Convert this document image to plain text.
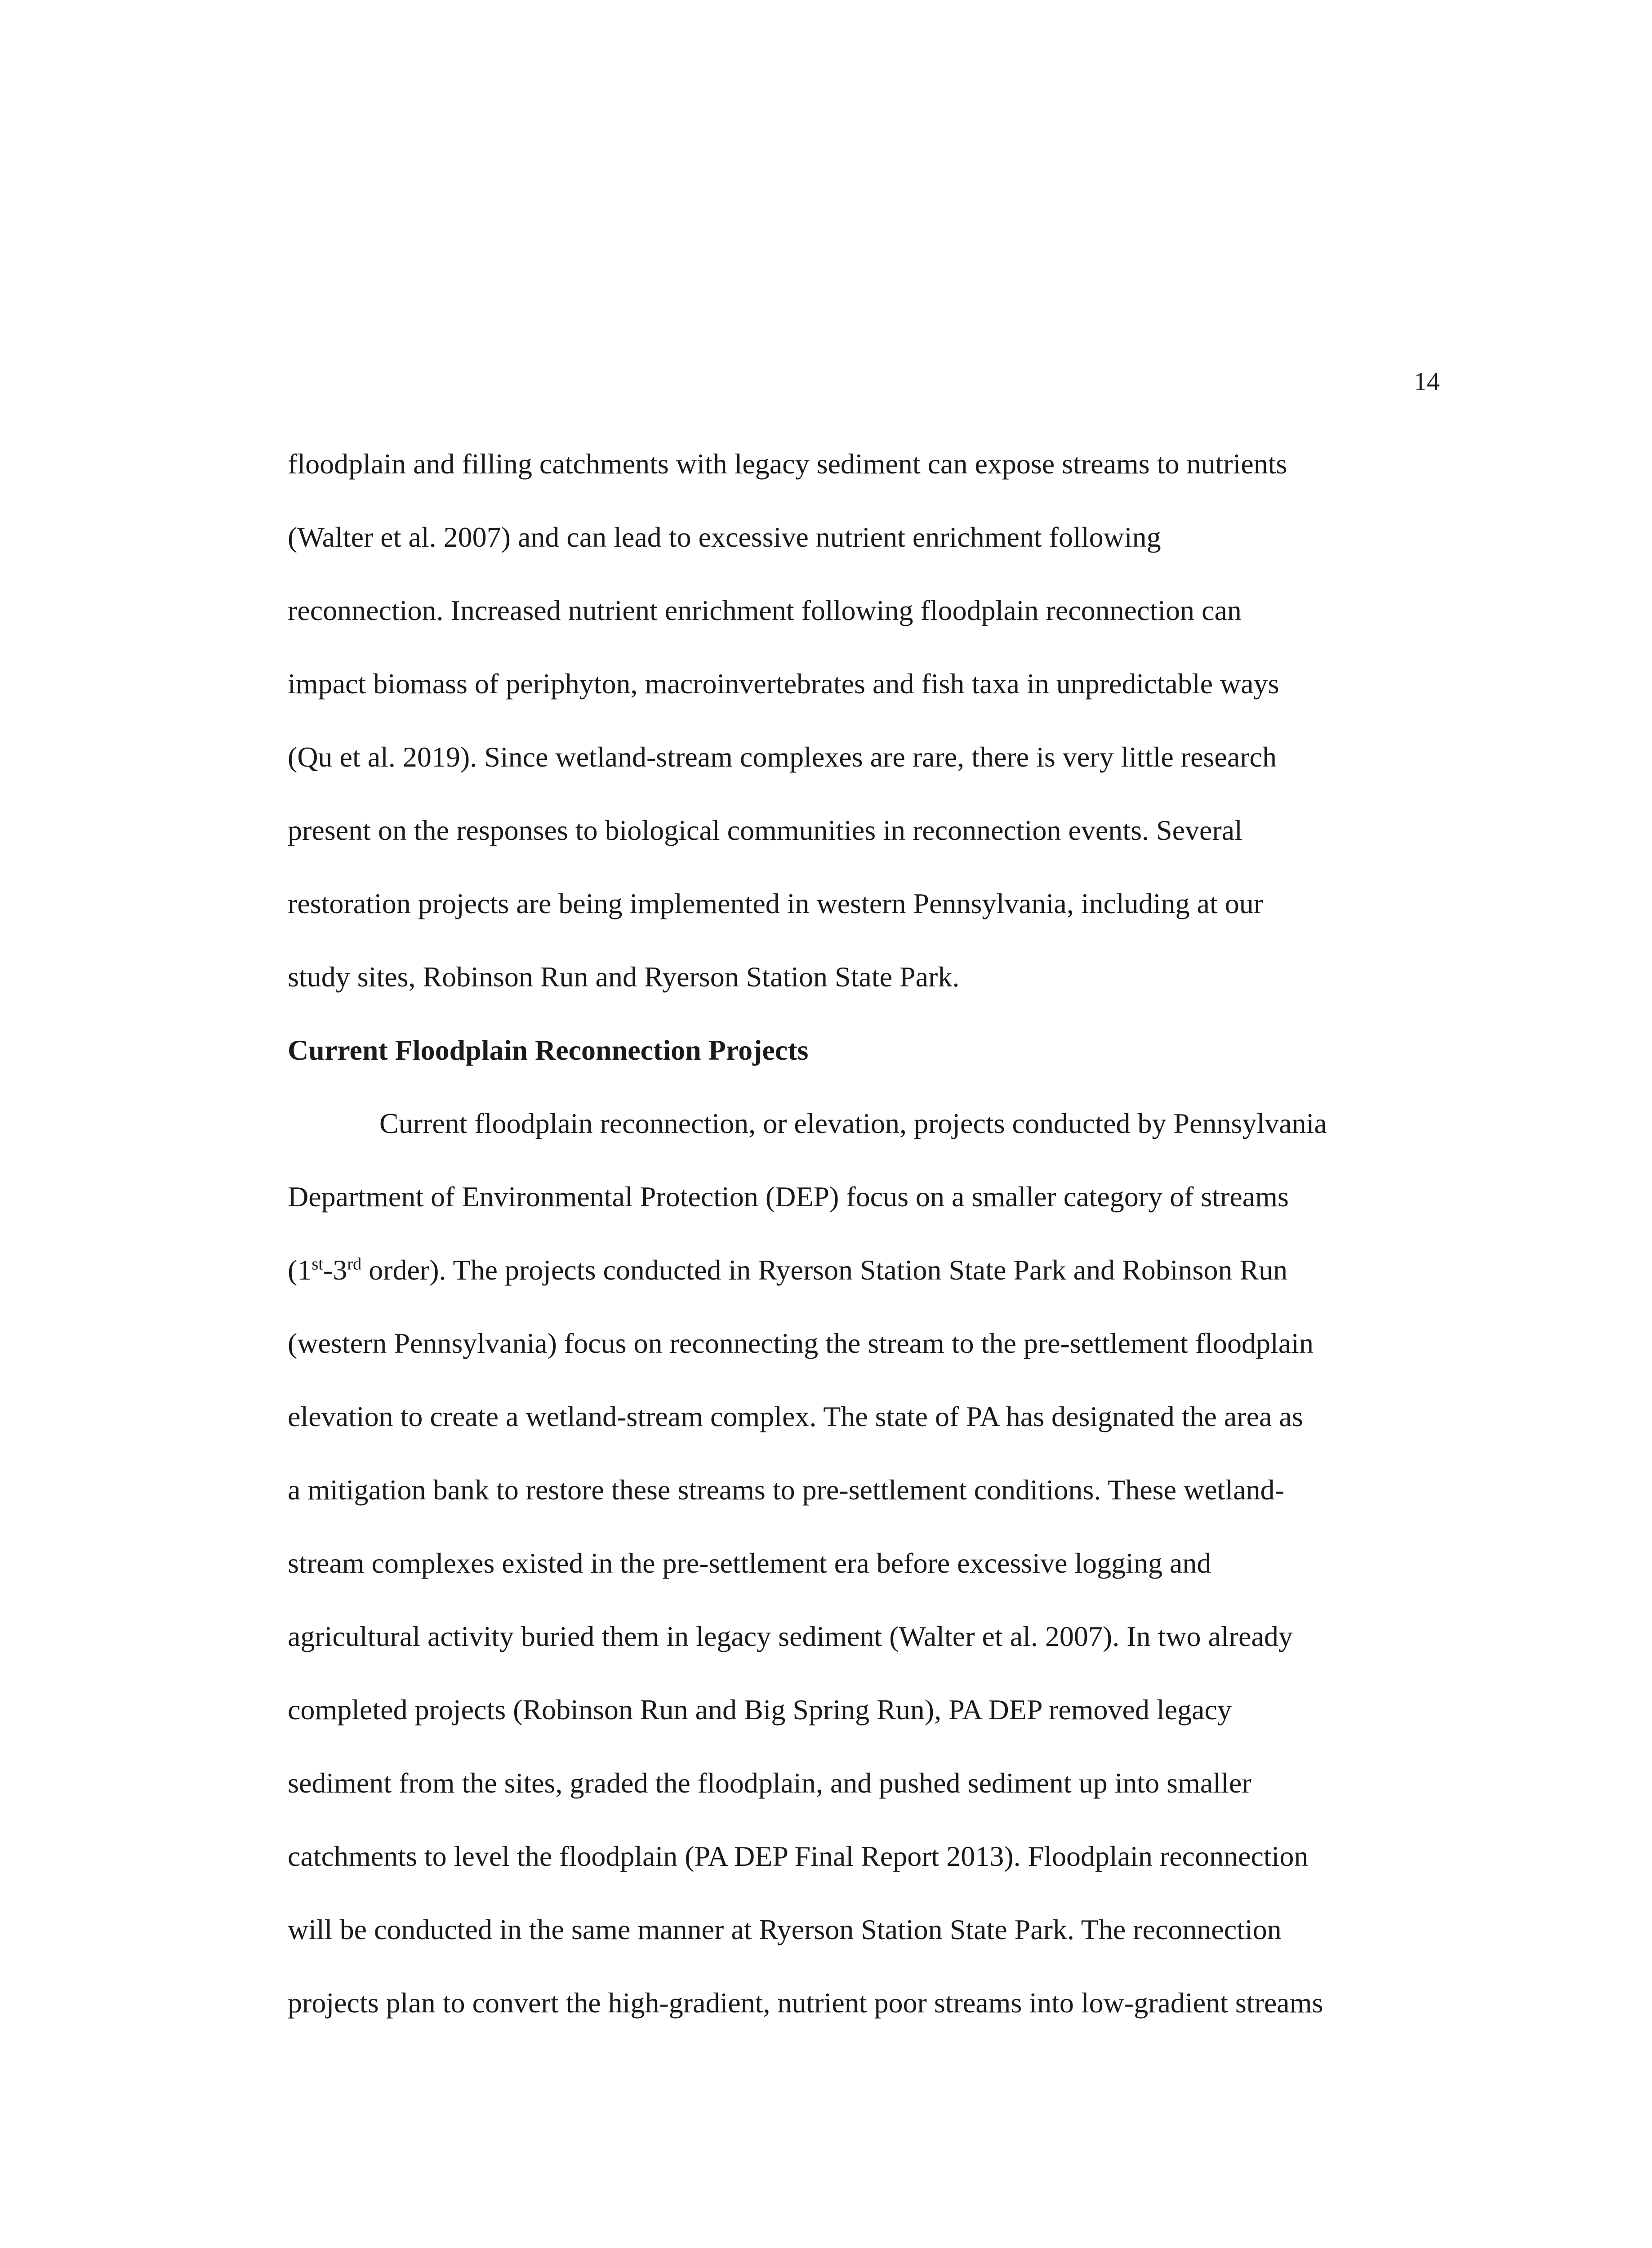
14
floodplain and filling catchments with legacy sediment can expose streams to nutrients
(Walter et al. 2007) and can lead to excessive nutrient enrichment following
reconnection. Increased nutrient enrichment following floodplain reconnection can
impact biomass of periphyton, macroinvertebrates and fish taxa in unpredictable ways
(Qu et al. 2019). Since wetland-stream complexes are rare, there is very little research
present on the responses to biological communities in reconnection events. Several
restoration projects are being implemented in western Pennsylvania, including at our
study sites, Robinson Run and Ryerson Station State Park.
Current Floodplain Reconnection Projects
Current floodplain reconnection, or elevation, projects conducted by Pennsylvania
Department of Environmental Protection (DEP) focus on a smaller category of streams
(1st-3rd order). The projects conducted in Ryerson Station State Park and Robinson Run
(western Pennsylvania) focus on reconnecting the stream to the pre-settlement floodplain
elevation to create a wetland-stream complex. The state of PA has designated the area as
a mitigation bank to restore these streams to pre-settlement conditions. These wetland-
stream complexes existed in the pre-settlement era before excessive logging and
agricultural activity buried them in legacy sediment (Walter et al. 2007). In two already
completed projects (Robinson Run and Big Spring Run), PA DEP removed legacy
sediment from the sites, graded the floodplain, and pushed sediment up into smaller
catchments to level the floodplain (PA DEP Final Report 2013). Floodplain reconnection
will be conducted in the same manner at Ryerson Station State Park. The reconnection
projects plan to convert the high-gradient, nutrient poor streams into low-gradient streams
